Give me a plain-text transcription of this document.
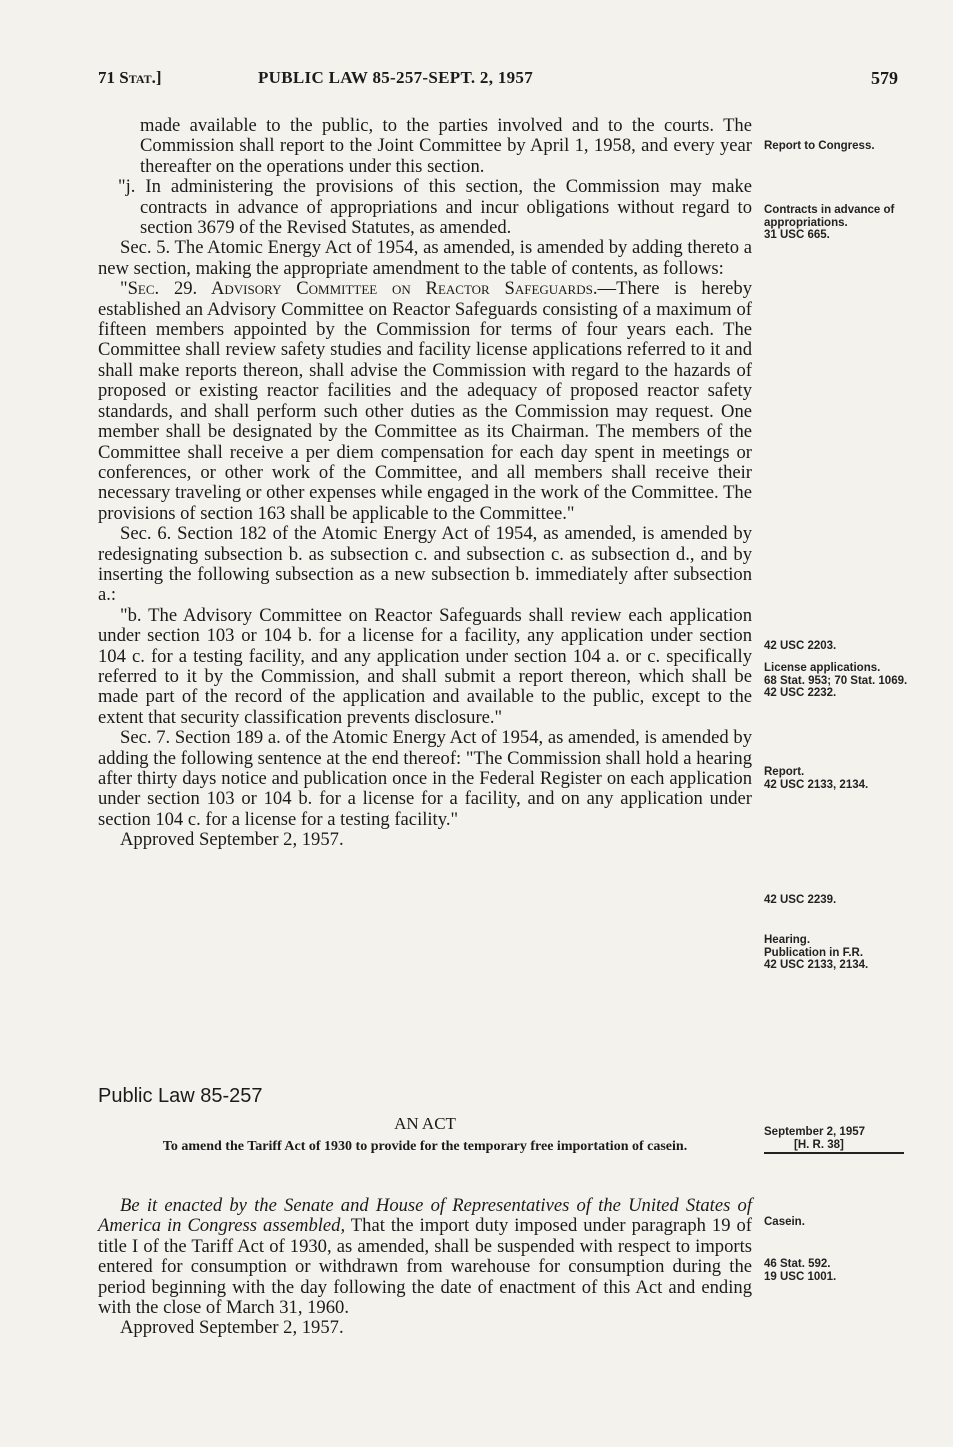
71 Stat.]	PUBLIC LAW 85-257-SEPT. 2, 1957	579

made available to the public, to the parties involved and to the courts. The Commission shall report to the Joint Committee by April 1, 1958, and every year thereafter on the operations under this section.

"j. In administering the provisions of this section, the Commission may make contracts in advance of appropriations and incur obligations without regard to section 3679 of the Revised Statutes, as amended.

Sec. 5. The Atomic Energy Act of 1954, as amended, is amended by adding thereto a new section, making the appropriate amendment to the table of contents, as follows:

"Sec. 29. Advisory Committee on Reactor Safeguards.—There is hereby established an Advisory Committee on Reactor Safeguards consisting of a maximum of fifteen members appointed by the Commission for terms of four years each. The Committee shall review safety studies and facility license applications referred to it and shall make reports thereon, shall advise the Commission with regard to the hazards of proposed or existing reactor facilities and the adequacy of proposed reactor safety standards, and shall perform such other duties as the Commission may request. One member shall be designated by the Committee as its Chairman. The members of the Committee shall receive a per diem compensation for each day spent in meetings or conferences, or other work of the Committee, and all members shall receive their necessary traveling or other expenses while engaged in the work of the Committee. The provisions of section 163 shall be applicable to the Committee."

Sec. 6. Section 182 of the Atomic Energy Act of 1954, as amended, is amended by redesignating subsection b. as subsection c. and subsection c. as subsection d., and by inserting the following subsection as a new subsection b. immediately after subsection a.:

"b. The Advisory Committee on Reactor Safeguards shall review each application under section 103 or 104 b. for a license for a facility, any application under section 104 c. for a testing facility, and any application under section 104 a. or c. specifically referred to it by the Commission, and shall submit a report thereon, which shall be made part of the record of the application and available to the public, except to the extent that security classification prevents disclosure."

Sec. 7. Section 189 a. of the Atomic Energy Act of 1954, as amended, is amended by adding the following sentence at the end thereof: "The Commission shall hold a hearing after thirty days notice and publication once in the Federal Register on each application under section 103 or 104 b. for a license for a facility, and on any application under section 104 c. for a license for a testing facility."

Approved September 2, 1957.

Report to Congress.
Contracts in advance of appropriations.
31 USC 665.
42 USC 2203.
License applications.
68 Stat. 953; 70 Stat. 1069.
42 USC 2232.
Report.
42 USC 2133, 2134.
42 USC 2239.
Hearing.
Publication in F.R.
42 USC 2133, 2134.
Public Law 85-257
AN ACT
To amend the Tariff Act of 1930 to provide for the temporary free importation of casein.
September 2, 1957
[H. R. 38]

Be it enacted by the Senate and House of Representatives of the United States of America in Congress assembled, That the import duty imposed under paragraph 19 of title I of the Tariff Act of 1930, as amended, shall be suspended with respect to imports entered for consumption or withdrawn from warehouse for consumption during the period beginning with the day following the date of enactment of this Act and ending with the close of March 31, 1960.

Approved September 2, 1957.

Casein.
46 Stat. 592.
19 USC 1001.
